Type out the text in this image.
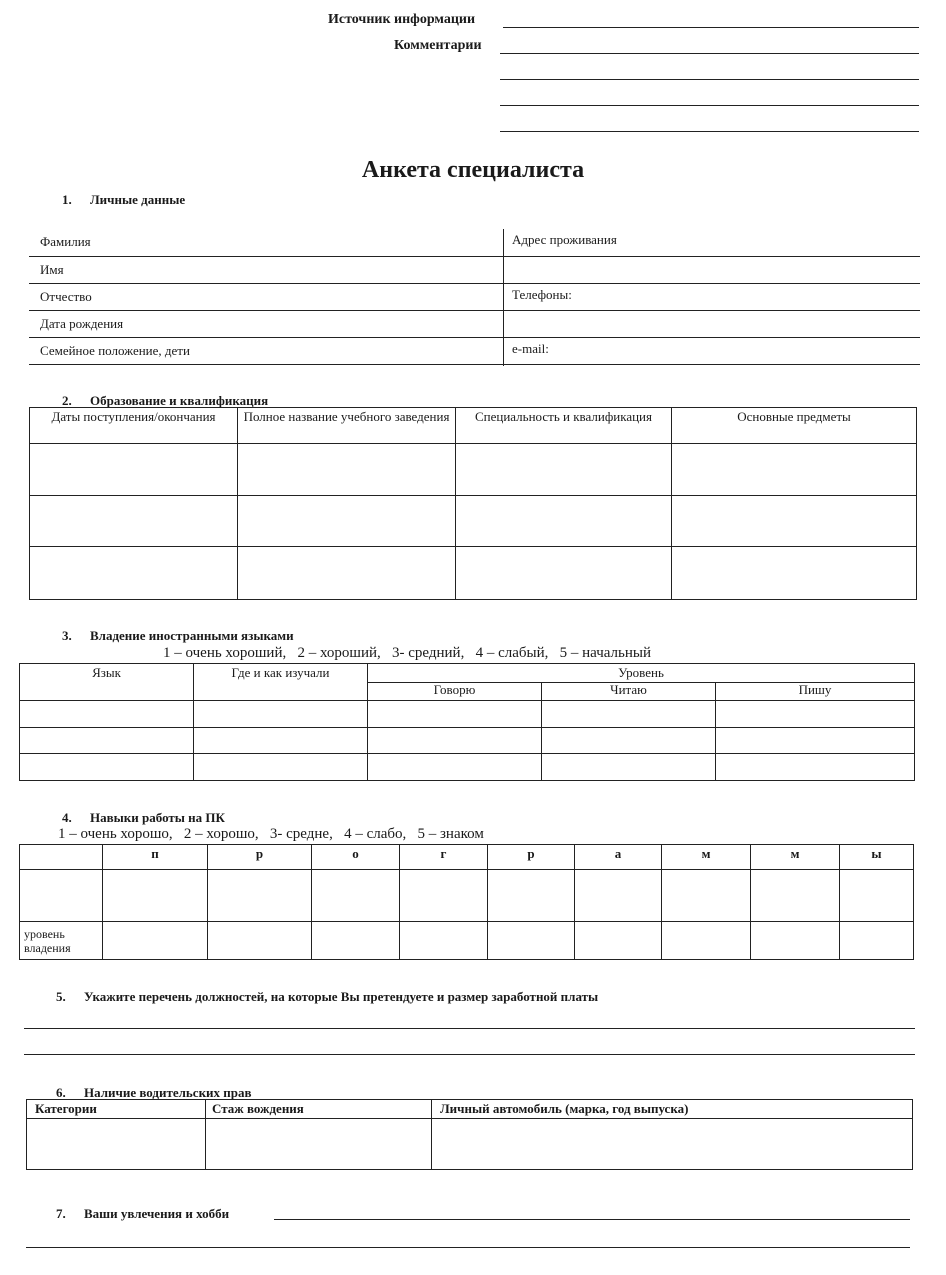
Источник информации
Комментарии
Анкета специалиста
1. Личные данные
Фамилия	Адрес проживания
Имя
Отчество	Телефоны:
Дата рождения
Семейное положение, дети	e-mail:
2. Образование и квалификация
Даты поступления/окончания	Полное название учебного заведения	Специальность и квалификация	Основные предметы

3. Владение иностранными языками
1 – очень хороший,   2 – хороший,   3- средний,   4 – слабый,   5 – начальный
Язык	Где и как изучали	Уровень		

		Говорю	Читаю	Пишу

4. Навыки работы на ПК
1 – очень хорошо,   2 – хорошо,   3- средне,   4 – слабо,   5 – знаком

	п	р	о	г	р	а	м	м	ы

уровень владения									
5. Укажите перечень должностей, на которые Вы претендуете и размер заработной платы
6. Наличие водительских прав
Категории	Стаж вождения	Личный автомобиль (марка, год выпуска)

7. Ваши увлечения и хобби
